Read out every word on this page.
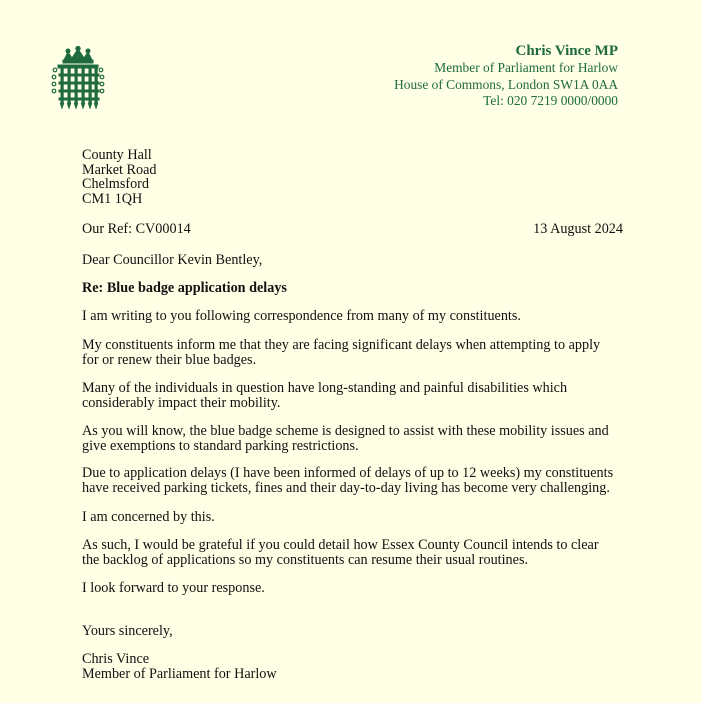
Chris Vince MP
Member of Parliament for Harlow
House of Commons, London SW1A 0AA
Tel: 020 7219 0000/0000
County Hall
Market Road
Chelmsford
CM1 1QH
Our Ref: CV00014	13 August 2024
Dear Councillor Kevin Bentley,
Re: Blue badge application delays
I am writing to you following correspondence from many of my constituents.
My constituents inform me that they are facing significant delays when attempting to apply
for or renew their blue badges.
Many of the individuals in question have long-standing and painful disabilities which
considerably impact their mobility.
As you will know, the blue badge scheme is designed to assist with these mobility issues and
give exemptions to standard parking restrictions.
Due to application delays (I have been informed of delays of up to 12 weeks) my constituents
have received parking tickets, fines and their day-to-day living has become very challenging.
I am concerned by this.
As such, I would be grateful if you could detail how Essex County Council intends to clear
the backlog of applications so my constituents can resume their usual routines.
I look forward to your response.
Yours sincerely,
Chris Vince
Member of Parliament for Harlow
